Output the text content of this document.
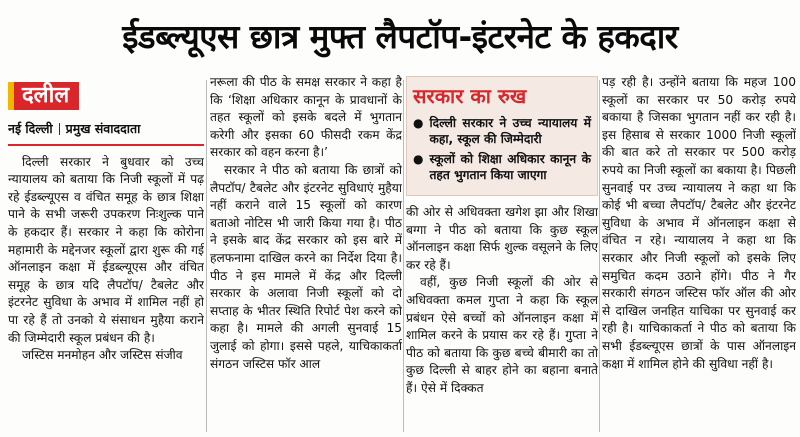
ईडब्ल्यूएस छात्र मुफ्त लैपटॉप-इंटरनेट के हकदार
दलील
नई दिल्ली प्रमुख संवाददाता

दिल्ली सरकार ने बुधवार को उच्च न्यायालय को बताया कि निजी स्कूलों में पढ़ रहे ईडब्ल्यूएस व वंचित समूह के छात्र शिक्षा पाने के सभी जरूरी उपकरण निःशुल्क पाने के हकदार हैं। सरकार ने कहा कि कोरोना महामारी के मद्देनजर स्कूलों द्वारा शुरू की गई ऑनलाइन कक्षा में ईडब्ल्यूएस और वंचित समूह के छात्र यदि लैपटॉप/ टैबलेट और इंटरनेट सुविधा के अभाव में शामिल नहीं हो पा रहे हैं तो उनको ये संसाधन मुहैया कराने की जिम्मेदारी स्कूल प्रबंधन की है।

जस्टिस मनमोहन और जस्टिस संजीव

नरूला की पीठ के समक्ष सरकार ने कहा है कि ‘शिक्षा अधिकार कानून के प्रावधानों के तहत स्कूलों को इसके बदले में भुगतान करेगी और इसका 60 फीसदी रकम केंद्र सरकार को वहन करना है।’

सरकार ने पीठ को बताया कि छात्रों को लैपटॉप/ टैबलेट और इंटरनेट सुविधाएं मुहैया नहीं कराने वाले 15 स्कूलों को कारण बताओ नोटिस भी जारी किया गया है। पीठ ने इसके बाद केंद्र सरकार को इस बारे में हलफनामा दाखिल करने का निर्देश दिया है। पीठ ने इस मामले में केंद्र और दिल्ली सरकार के अलावा निजी स्कूलों को दो सप्ताह के भीतर स्थिति रिपोर्ट पेश करने को कहा है। मामले की अगली सुनवाई 15 जुलाई को होगा। इससे पहले, याचिकाकर्ता संगठन जस्टिस फॉर आल

सरकार का रुख
● दिल्ली सरकार ने उच्च न्यायालय में कहा, स्कूल की जिम्मेदारी
● स्कूलों को शिक्षा अधिकार कानून के तहत भुगतान किया जाएगा

की ओर से अधिवक्ता खगेश झा और शिखा बग्गा ने पीठ को बताया कि कुछ स्कूल ऑनलाइन कक्षा सिर्फ शुल्क वसूलने के लिए कर रहे हैं।

वहीं, कुछ निजी स्कूलों की ओर से अधिवक्ता कमल गुप्ता ने कहा कि स्कूल प्रबंधन ऐसे बच्चों को ऑनलाइन कक्षा में शामिल करने के प्रयास कर रहे हैं। गुप्ता ने पीठ को बताया कि कुछ बच्चे बीमारी का तो कुछ दिल्ली से बाहर होने का बहाना बनाते हैं। ऐसे में दिक्कत

पड़ रही है। उन्होंने बताया कि महज 100 स्कूलों का सरकार पर 50 करोड़ रुपये बकाया है जिसका भुगतान नहीं कर रही है। इस हिसाब से सरकार 1000 निजी स्कूलों की बात करे तो सरकार पर 500 करोड़ रुपये का निजी स्कूलों का बकाया है। पिछली सुनवाई पर उच्च न्यायालय ने कहा था कि कोई भी बच्चा लैपटॉप/ टैबलेट और इंटरनेट सुविधा के अभाव में ऑनलाइन कक्षा से वंचित न रहे। न्यायालय ने कहा था कि सरकार और निजी स्कूलों को इसके लिए समुचित कदम उठाने होंगे। पीठ ने गैर सरकारी संगठन जस्टिस फॉर ऑल की ओर से दाखिल जनहित याचिका पर सुनवाई कर रही है। याचिकाकर्ता ने पीठ को बताया कि सभी ईडब्ल्यूएस छात्रों के पास ऑनलाइन कक्षा में शामिल होने की सुविधा नहीं है।
